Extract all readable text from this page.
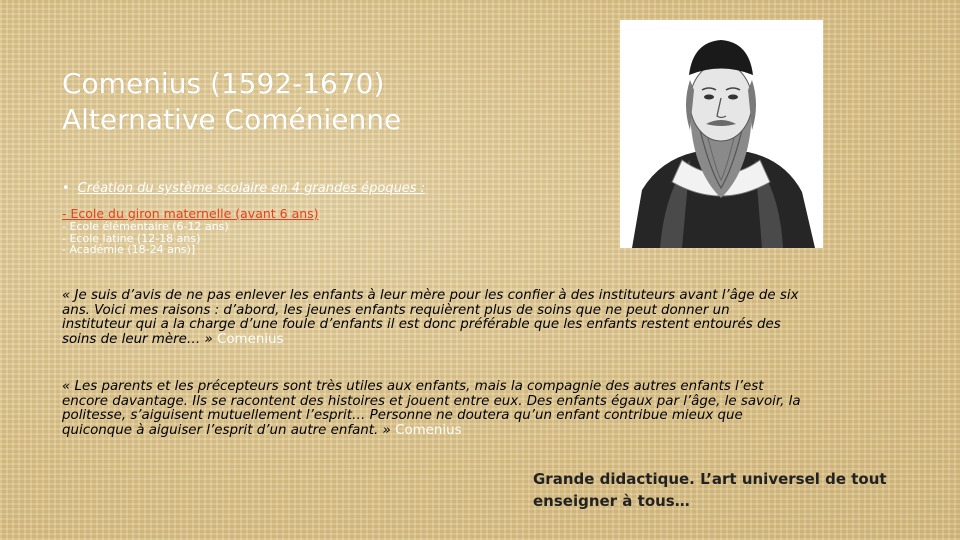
Comenius (1592-1670)
Alternative Coménienne
• Création du système scolaire en 4 grandes époques :
- Ecole du giron maternelle (avant 6 ans)
- Ecole élémentaire (6-12 ans)
- Ecole latine (12-18 ans)
- Académie (18-24 ans)]
« Je suis d’avis de ne pas enlever les enfants à leur mère pour les confier à des instituteurs avant l’âge de six ans. Voici mes raisons : d’abord, les jeunes enfants requièrent plus de soins que ne peut donner un instituteur qui a la charge d’une foule d’enfants il est donc préférable que les enfants restent entourés des soins de leur mère… » Comenius
« Les parents et les précepteurs sont très utiles aux enfants, mais la compagnie des autres enfants l’est encore davantage. Ils se racontent des histoires et jouent entre eux. Des enfants égaux par l’âge, le savoir, la politesse, s’aiguisent mutuellement l’esprit… Personne ne doutera qu’un enfant contribue mieux que quiconque à aiguiser l’esprit d’un autre enfant. » Comenius
Grande didactique. L’art universel de tout enseigner à tous…
